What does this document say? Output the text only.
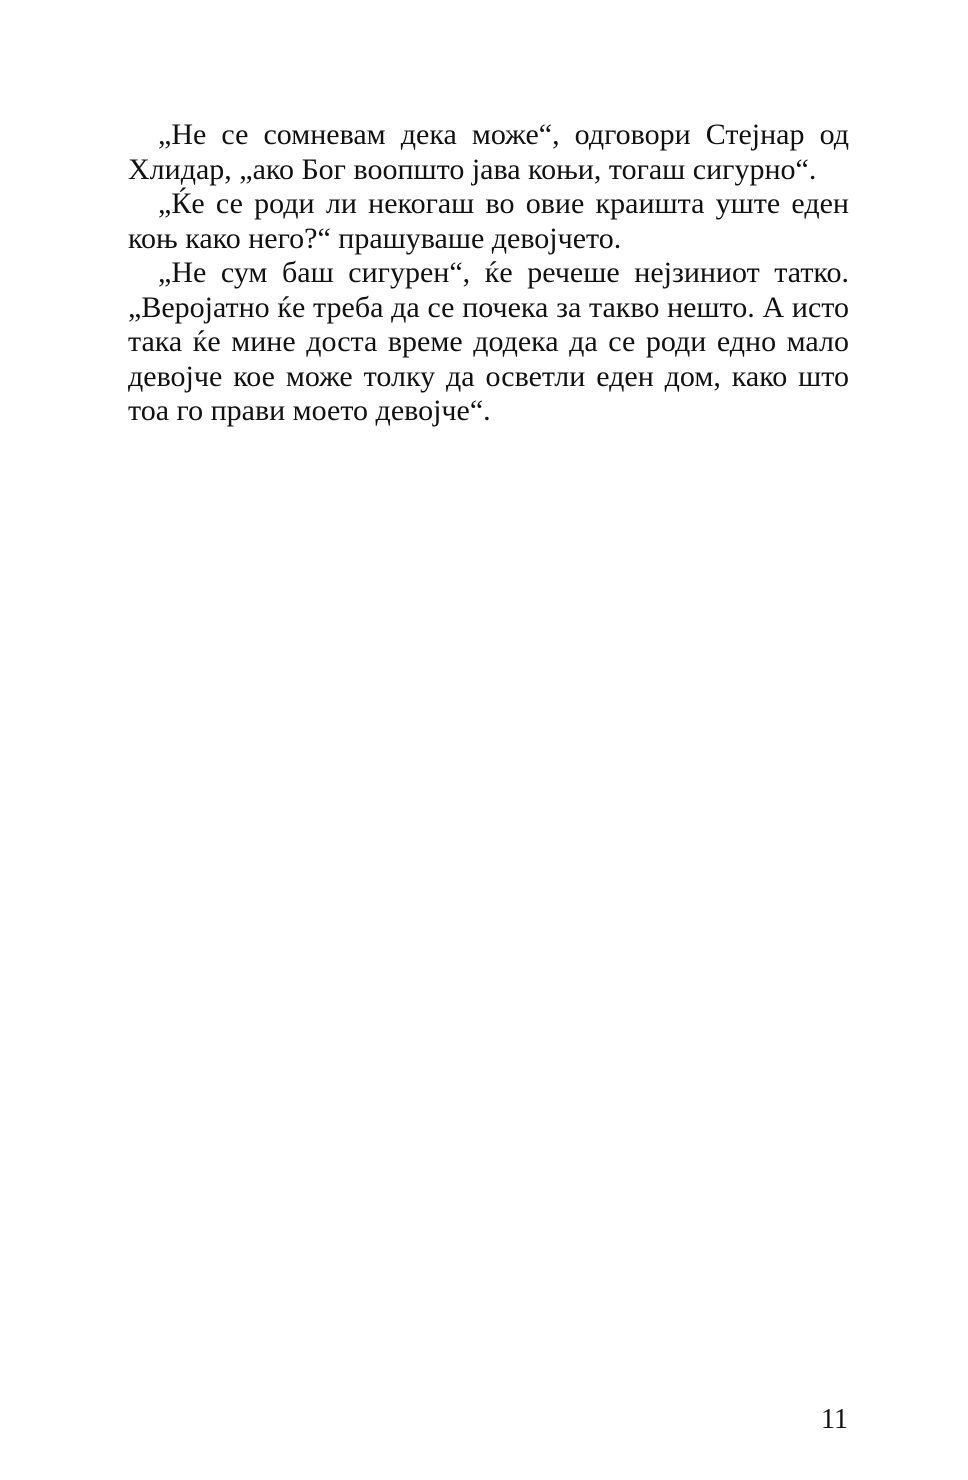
„Не се сомневам дека може“, одговори Стејнар од Хлидар, „ако Бог воопшто јава коњи, тогаш сигурно“.

„Ќе се роди ли некогаш во овие краишта уште еден коњ како него?“ прашуваше девојчето.

„Не сум баш сигурен“, ќе речеше нејзиниот татко. „Веројатно ќе треба да се почека за такво нешто. А исто така ќе мине доста време додека да се роди едно мало девојче кое може толку да осветли еден дом, како што тоа го прави моето девојче“.

11
